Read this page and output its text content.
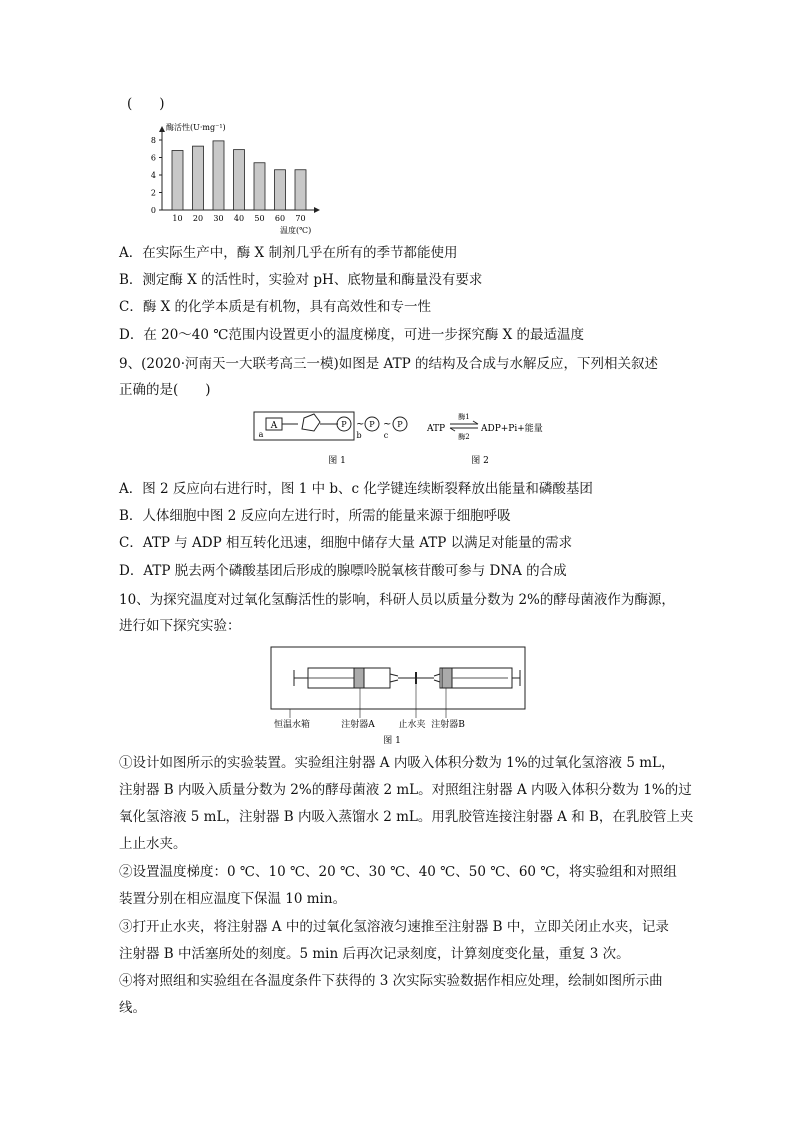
(　　)
酶活性(U·mg⁻¹)
0
2
4
6
8
10 20 30 40 50 60 70
温度(℃)
A．在实际生产中，酶 X 制剂几乎在所有的季节都能使用
B．测定酶 X 的活性时，实验对 pH、底物量和酶量没有要求
C．酶 X 的化学本质是有机物，具有高效性和专一性
D．在 20～40 ℃范围内设置更小的温度梯度，可进一步探究酶 X 的最适温度
9、(2020·河南天一大联考高三一模)如图是 ATP 的结构及合成与水解反应，下列相关叙述
正确的是(　　)
A
a
P ~
b
P ~
c
P
图 1
ATP
酶1
酶2
ADP+Pi+能量
图 2
A．图 2 反应向右进行时，图 1 中 b、c 化学键连续断裂释放出能量和磷酸基团
B．人体细胞中图 2 反应向左进行时，所需的能量来源于细胞呼吸
C．ATP 与 ADP 相互转化迅速，细胞中储存大量 ATP 以满足对能量的需求
D．ATP 脱去两个磷酸基团后形成的腺嘌呤脱氧核苷酸可参与 DNA 的合成
10、为探究温度对过氧化氢酶活性的影响，科研人员以质量分数为 2%的酵母菌液作为酶源，
进行如下探究实验：
恒温水箱	注射器A	止水夹 注射器B
图 1
①设计如图所示的实验装置。实验组注射器 A 内吸入体积分数为 1%的过氧化氢溶液 5 mL，
注射器 B 内吸入质量分数为 2%的酵母菌液 2 mL。对照组注射器 A 内吸入体积分数为 1%的过
氧化氢溶液 5 mL，注射器 B 内吸入蒸馏水 2 mL。用乳胶管连接注射器 A 和 B，在乳胶管上夹
上止水夹。
②设置温度梯度：0 ℃、10 ℃、20 ℃、30 ℃、40 ℃、50 ℃、60 ℃，将实验组和对照组
装置分别在相应温度下保温 10 min。
③打开止水夹，将注射器 A 中的过氧化氢溶液匀速推至注射器 B 中，立即关闭止水夹，记录
注射器 B 中活塞所处的刻度。5 min 后再次记录刻度，计算刻度变化量，重复 3 次。
④将对照组和实验组在各温度条件下获得的 3 次实际实验数据作相应处理，绘制如图所示曲
线。
